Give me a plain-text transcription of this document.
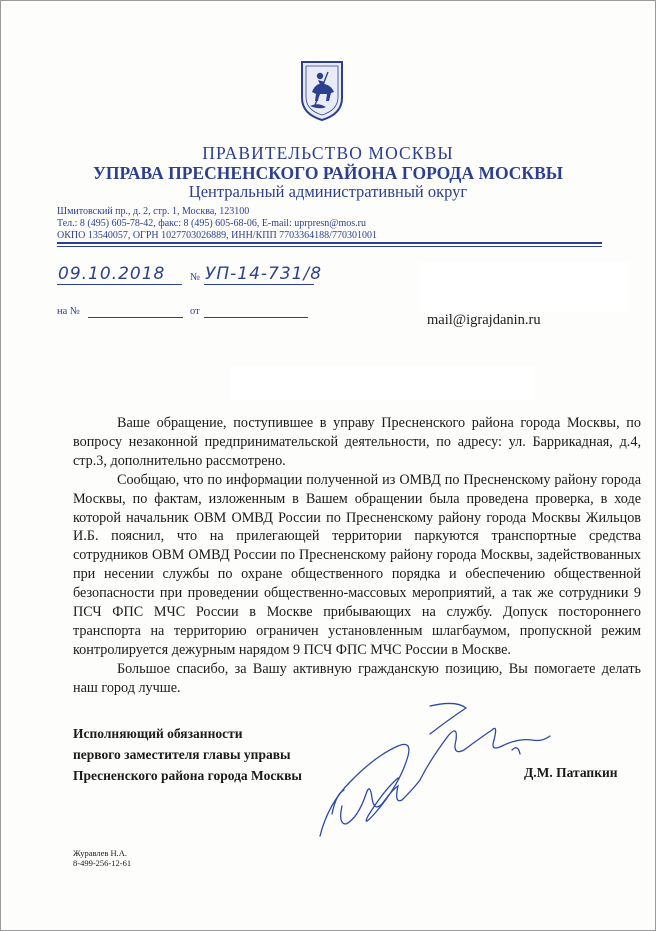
ПРАВИТЕЛЬСТВО МОСКВЫ
УПРАВА ПРЕСНЕНСКОГО РАЙОНА ГОРОДА МОСКВЫ
Центральный административный округ
Шмитовский пр., д. 2, стр. 1, Москва, 123100
Тел.: 8 (495) 605-78-42, факс: 8 (495) 605-68-06, E-mail: uprpresn@mos.ru
ОКПО 13540057, ОГРН 1027703026889, ИНН/КПП 7703364188/770301001
09.10.2018 № УП-14-731/8
на №	от
mail@igrajdanin.ru

Ваше обращение, поступившее в управу Пресненского района города Москвы, по вопросу незаконной предпринимательской деятельности, по адресу: ул. Баррикадная, д.4, стр.3, дополнительно рассмотрено.

Сообщаю, что по информации полученной из ОМВД по Пресненскому району города Москвы, по фактам, изложенным в Вашем обращении была проведена проверка, в ходе которой начальник ОВМ ОМВД России по Пресненскому району города Москвы Жильцов И.Б. пояснил, что на прилегающей территории паркуются транспортные средства сотрудников ОВМ ОМВД России по Пресненскому району города Москвы, задействованных при несении службы по охране общественного порядка и обеспечению общественной безопасности при проведении общественно-массовых мероприятий, а так же сотрудники 9 ПСЧ ФПС МЧС России в Москве прибывающих на службу. Допуск постороннего транспорта на территорию ограничен установленным шлагбаумом, пропускной режим контролируется дежурным нарядом 9 ПСЧ ФПС МЧС России в Москве.

Большое спасибо, за Вашу активную гражданскую позицию, Вы помогаете делать наш город лучше.

Исполняющий обязанности
первого заместителя главы управы
Пресненского района города Москвы	Д.М. Патапкин
Журавлев Н.А.
8-499-256-12-61
